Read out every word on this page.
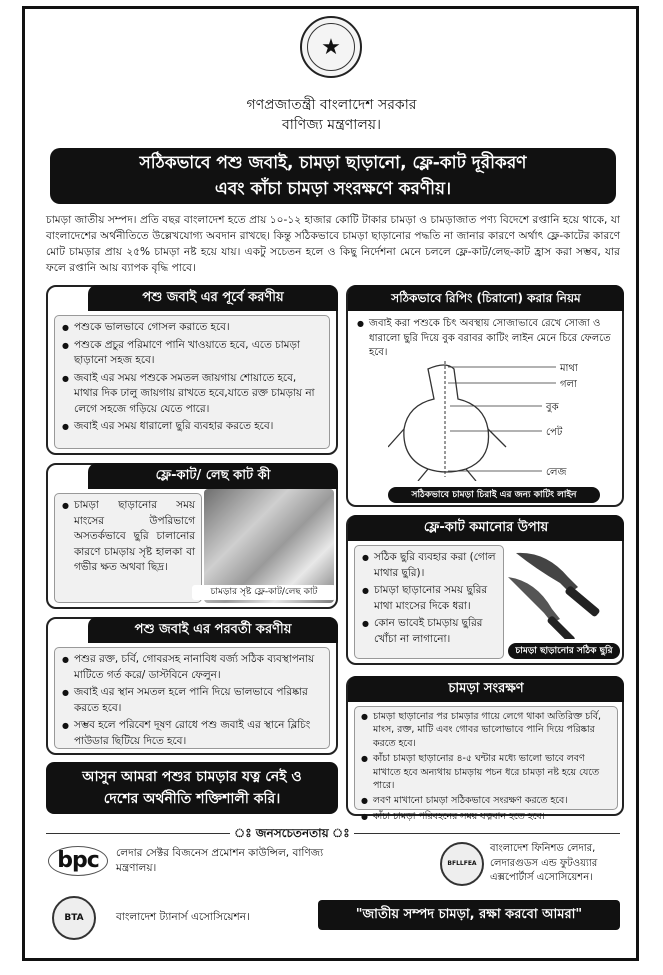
★
গণপ্রজাতন্ত্রী বাংলাদেশ সরকার
বাণিজ্য মন্ত্রণালয়।
সঠিকভাবে পশু জবাই, চামড়া ছাড়ানো, ফ্লে-কাট দূরীকরণ
এবং কাঁচা চামড়া সংরক্ষণে করণীয়।
চামড়া জাতীয় সম্পদ। প্রতি বছর বাংলাদেশ হতে প্রায় ১০-১২ হাজার কোটি টাকার চামড়া ও চামড়াজাত পণ্য বিদেশে রপ্তানি হয়ে থাকে, যা বাংলাদেশের অর্থনীতিতে উল্লেখযোগ্য অবদান রাখছে। কিন্তু সঠিকভাবে চামড়া ছাড়ানোর পদ্ধতি না জানার কারণে অর্থাৎ ফ্লে-কাটের কারণে মোট চামড়ার প্রায় ২৫% চামড়া নষ্ট হয়ে যায়। একটু সচেতন হলে ও কিছু নির্দেশনা মেনে চললে ফ্লে-কাট/লেছ-কাট হ্রাস করা সম্ভব, যার ফলে রপ্তানি আয় ব্যাপক বৃদ্ধি পাবে।
পশু জবাই এর পূর্বে করণীয়
● পশুকে ভালভাবে গোসল করাতে হবে।
● পশুকে প্রচুর পরিমাণে পানি খাওয়াতে হবে, এতে চামড়া ছাড়ানো সহজ হবে।
● জবাই এর সময় পশুকে সমতল জায়গায় শোয়াতে হবে, মাথার দিক ঢালু জায়গায় রাখতে হবে,যাতে রক্ত চামড়ায় না লেগে সহজে গড়িয়ে যেতে পারে।
● জবাই এর সময় ধারালো ছুরি ব্যবহার করতে হবে।
সঠিকভাবে রিপিং (চিরানো) করার নিয়ম
● জবাই করা পশুকে চিৎ অবস্থায় সোজাভাবে রেখে সোজা ও ধারালো ছুরি দিয়ে বুক বরাবর কাটিং লাইন মেনে চিরে ফেলতে হবে।
মাথা
গলা
বুক
পেট
লেজ
সঠিকভাবে চামড়া চিরাই এর জন্য কাটিং লাইন
ফ্লে-কাট/ লেছ কাট কী
● চামড়া ছাড়ানোর সময় মাংসের উপরিভাগে অসতর্কভাবে ছুরি চালানোর কারণে চামড়ায় সৃষ্ট হালকা বা গভীর ক্ষত অথবা ছিদ্র।
চামড়ার সৃষ্ট ফ্লে-কাট/লেছ কাট
ফ্লে-কাট কমানোর উপায়
● সঠিক ছুরি ব্যবহার করা (গোল মাথার ছুরি)।
● চামড়া ছাড়ানোর সময় ছুরির মাথা মাংসের দিকে ধরা।
● কোন ভাবেই চামড়ায় ছুরির খোঁচা না লাগানো।
চামড়া ছাড়ানোর সঠিক ছুরি
পশু জবাই এর পরবর্তী করণীয়
● পশুর রক্ত, চর্বি, গোবরসহ নানাবিধ বর্জ্য সঠিক ব্যবস্থাপনায় মাটিতে গর্ত করে/ ডাস্টবিনে ফেলুন।
● জবাই এর স্থান সমতল হলে পানি দিয়ে ভালভাবে পরিষ্কার করতে হবে।
● সম্ভব হলে পরিবেশ দূষণ রোধে পশু জবাই এর স্থানে ব্লিচিং পাউডার ছিটিয়ে দিতে হবে।
চামড়া সংরক্ষণ
● চামড়া ছাড়ানোর পর চামড়ার গায়ে লেগে থাকা অতিরিক্ত চর্বি, মাংস, রক্ত, মাটি এবং গোবর ভালোভাবে পানি দিয়ে পরিষ্কার করতে হবে।
● কাঁচা চামড়া ছাড়ানোর ৪-৫ ঘন্টার মধ্যে ভালো ভাবে লবণ মাখাতে হবে অন্যথায় চামড়ায় পচন ধরে চামড়া নষ্ট হয়ে যেতে পারে।
● লবণ মাখানো চামড়া সঠিকভাবে সংরক্ষণ করতে হবে।
● কাঁচা চামড়া পরিবহনের সময় যত্নবান হতে হবে।
আসুন আমরা পশুর চামড়ার যত্ন নেই ও
দেশের অর্থনীতি শক্তিশালী করি।
ঃ জনসচেতনতায় ঃ
bpc	লেদার সেক্টর বিজনেস প্রমোশন কাউন্সিল, বাণিজ্য মন্ত্রণালয়।
BTA	বাংলাদেশ ট্যানার্স এসোসিয়েশন।
BFLLFEA
বাংলাদেশ ফিনিশড লেদার, লেদারগুডস এন্ড ফুটওয়্যার এক্সপোর্টার্স এসোসিয়েশন।
"জাতীয় সম্পদ চামড়া, রক্ষা করবো আমরা"
